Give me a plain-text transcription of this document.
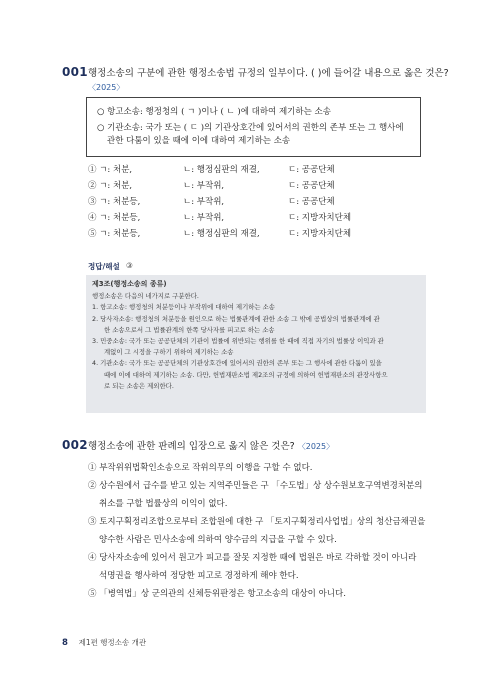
001 행정소송의 구분에 관한 행정소송법 규정의 일부이다. ( )에 들어갈 내용으로 옳은 것은?
〈2025〉

○ 항고소송: 행정청의 ( ㄱ )이나 ( ㄴ )에 대하여 제기하는 소송

○ 기관소송: 국가 또는 ( ㄷ )의 기관상호간에 있어서의 권한의 존부 또는 그 행사에

관한 다툼이 있을 때에 이에 대하여 제기하는 소송

① ㄱ: 처분,	ㄴ: 행정심판의 재결,	ㄷ: 공공단체
② ㄱ: 처분,	ㄴ: 부작위,	ㄷ: 공공단체
③ ㄱ: 처분등,	ㄴ: 부작위,	ㄷ: 공공단체
④ ㄱ: 처분등,	ㄴ: 부작위,	ㄷ: 지방자치단체
⑤ ㄱ: 처분등,	ㄴ: 행정심판의 재결,	ㄷ: 지방자치단체
정답/해설 ③

제3조(행정소송의 종류)

행정소송은 다음의 네가지로 구분한다.

1. 항고소송: 행정청의 처분등이나 부작위에 대하여 제기하는 소송

2. 당사자소송: 행정청의 처분등을 원인으로 하는 법률관계에 관한 소송 그 밖에 공법상의 법률관계에 관

한 소송으로서 그 법률관계의 한쪽 당사자를 피고로 하는 소송

3. 민중소송: 국가 또는 공공단체의 기관이 법률에 위반되는 행위를 한 때에 직접 자기의 법률상 이익과 관

계없이 그 시정을 구하기 위하여 제기하는 소송

4. 기관소송: 국가 또는 공공단체의 기관상호간에 있어서의 권한의 존부 또는 그 행사에 관한 다툼이 있을

때에 이에 대하여 제기하는 소송. 다만, 헌법재판소법 제2조의 규정에 의하여 헌법재판소의 관장사항으

로 되는 소송은 제외한다.

002 행정소송에 관한 판례의 입장으로 옳지 않은 것은? 〈2025〉

① 부작위위법확인소송으로 작위의무의 이행을 구할 수 없다.

② 상수원에서 급수를 받고 있는 지역주민들은 구 「수도법」상 상수원보호구역변경처분의

취소를 구할 법률상의 이익이 없다.

③ 토지구획정리조합으로부터 조합원에 대한 구 「토지구획정리사업법」상의 청산금채권을

양수한 사람은 민사소송에 의하여 양수금의 지급을 구할 수 있다.

④ 당사자소송에 있어서 원고가 피고를 잘못 지정한 때에 법원은 바로 각하할 것이 아니라

석명권을 행사하여 정당한 피고로 경정하게 해야 한다.

⑤ 「병역법」상 군의관의 신체등위판정은 항고소송의 대상이 아니다.

8 제1편 행정소송 개관
